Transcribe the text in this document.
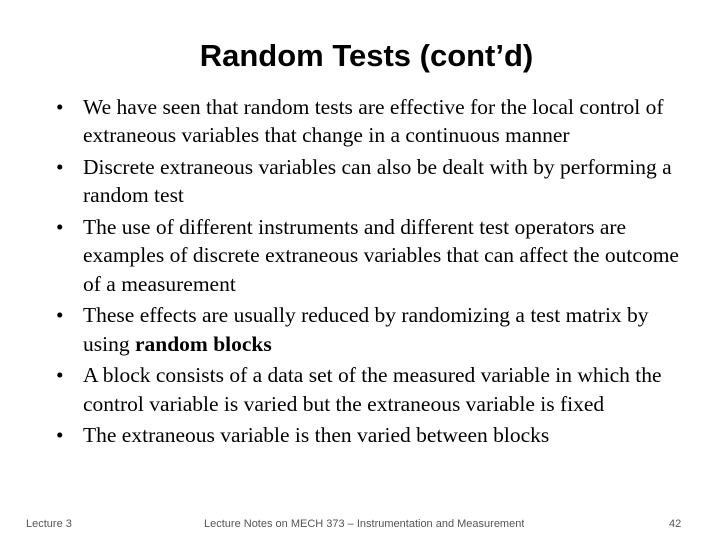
Random Tests (cont’d)
• We have seen that random tests are effective for the local control of extraneous variables that change in a continuous manner
• Discrete extraneous variables can also be dealt with by performing a random test
• The use of different instruments and different test operators are examples of discrete extraneous variables that can affect the outcome of a measurement
• These effects are usually reduced by randomizing a test matrix by using random blocks
• A block consists of a data set of the measured variable in which the control variable is varied but the extraneous variable is fixed
• The extraneous variable is then varied between blocks
Lecture 3	Lecture Notes on MECH 373 – Instrumentation and Measurement	42
